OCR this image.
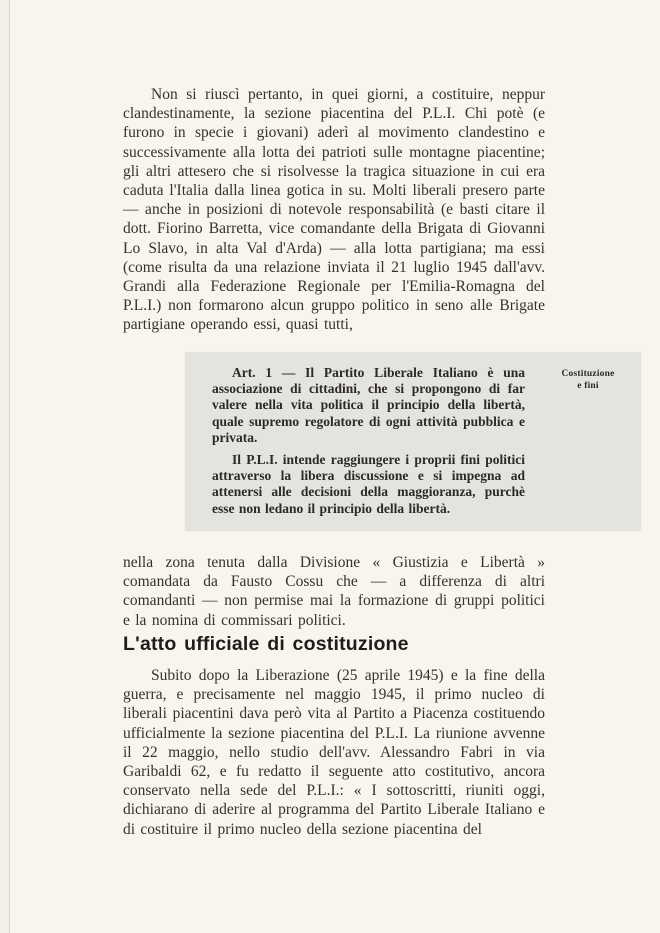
Non si riuscì pertanto, in quei giorni, a costituire, neppur clandestinamente, la sezione piacentina del P.L.I. Chi potè (e furono in specie i giovani) aderì al movimento clandestino e successivamente alla lotta dei patrioti sulle montagne piacentine; gli altri attesero che si risolvesse la tragica situazione in cui era caduta l'Italia dalla linea gotica in su. Molti liberali presero parte — anche in posizioni di notevole responsabilità (e basti citare il dott. Fiorino Barretta, vice comandante della Brigata di Giovanni Lo Slavo, in alta Val d'Arda) — alla lotta partigiana; ma essi (come risulta da una relazione inviata il 21 luglio 1945 dall'avv. Grandi alla Federazione Regionale per l'Emilia-Romagna del P.L.I.) non formarono alcun gruppo politico in seno alle Brigate partigiane operando essi, quasi tutti,

Art. 1 — Il Partito Liberale Italiano è una associazione di cittadini, che si propongono di far valere nella vita politica il principio della libertà, quale supremo regolatore di ogni attività pubblica e privata.

Il P.L.I. intende raggiungere i proprii fini politici attraverso la libera discussione e si impegna ad attenersi alle decisioni della maggioranza, purchè esse non ledano il principio della libertà.

Costituzione
e fini

nella zona tenuta dalla Divisione « Giustizia e Libertà » comandata da Fausto Cossu che — a differenza di altri comandanti — non permise mai la formazione di gruppi politici e la nomina di commissari politici.

L'atto ufficiale di costituzione

Subito dopo la Liberazione (25 aprile 1945) e la fine della guerra, e precisamente nel maggio 1945, il primo nucleo di liberali piacentini dava però vita al Partito a Piacenza costituendo ufficialmente la sezione piacentina del P.L.I. La riunione avvenne il 22 maggio, nello studio dell'avv. Alessandro Fabri in via Garibaldi 62, e fu redatto il seguente atto costitutivo, ancora conservato nella sede del P.L.I.: « I sottoscritti, riuniti oggi, dichiarano di aderire al programma del Partito Liberale Italiano e di costituire il primo nucleo della sezione piacentina del
